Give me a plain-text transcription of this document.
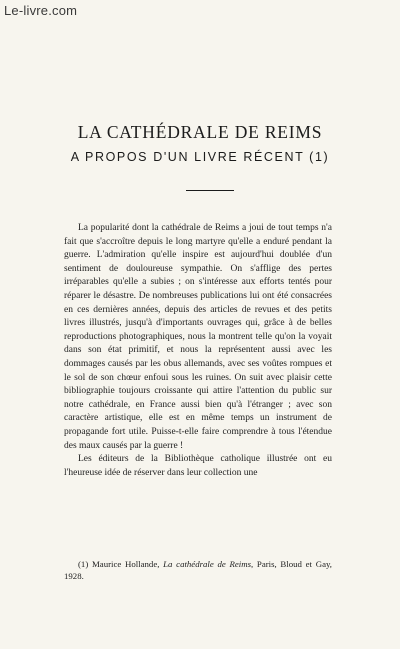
Le-livre.com
LA CATHÉDRALE DE REIMS
A PROPOS D'UN LIVRE RÉCENT (1)

La popularité dont la cathédrale de Reims a joui de tout temps n'a fait que s'accroître depuis le long martyre qu'elle a enduré pendant la guerre. L'admiration qu'elle inspire est aujourd'hui doublée d'un sentiment de douloureuse sympathie. On s'afflige des pertes irréparables qu'elle a subies ; on s'intéresse aux efforts tentés pour réparer le désastre. De nombreuses publications lui ont été consacrées en ces dernières années, depuis des articles de revues et des petits livres illustrés, jusqu'à d'importants ouvrages qui, grâce à de belles reproductions photographiques, nous la montrent telle qu'on la voyait dans son état primitif, et nous la représentent aussi avec les dommages causés par les obus allemands, avec ses voûtes rompues et le sol de son chœur enfoui sous les ruines. On suit avec plaisir cette bibliographie toujours croissante qui attire l'attention du public sur notre cathédrale, en France aussi bien qu'à l'étranger ; avec son caractère artistique, elle est en même temps un instrument de propagande fort utile. Puisse-t-elle faire comprendre à tous l'étendue des maux causés par la guerre !

Les éditeurs de la Bibliothèque catholique illustrée ont eu l'heureuse idée de réserver dans leur collection une

(1) Maurice Hollande, La cathédrale de Reims, Paris, Bloud et Gay, 1928.
